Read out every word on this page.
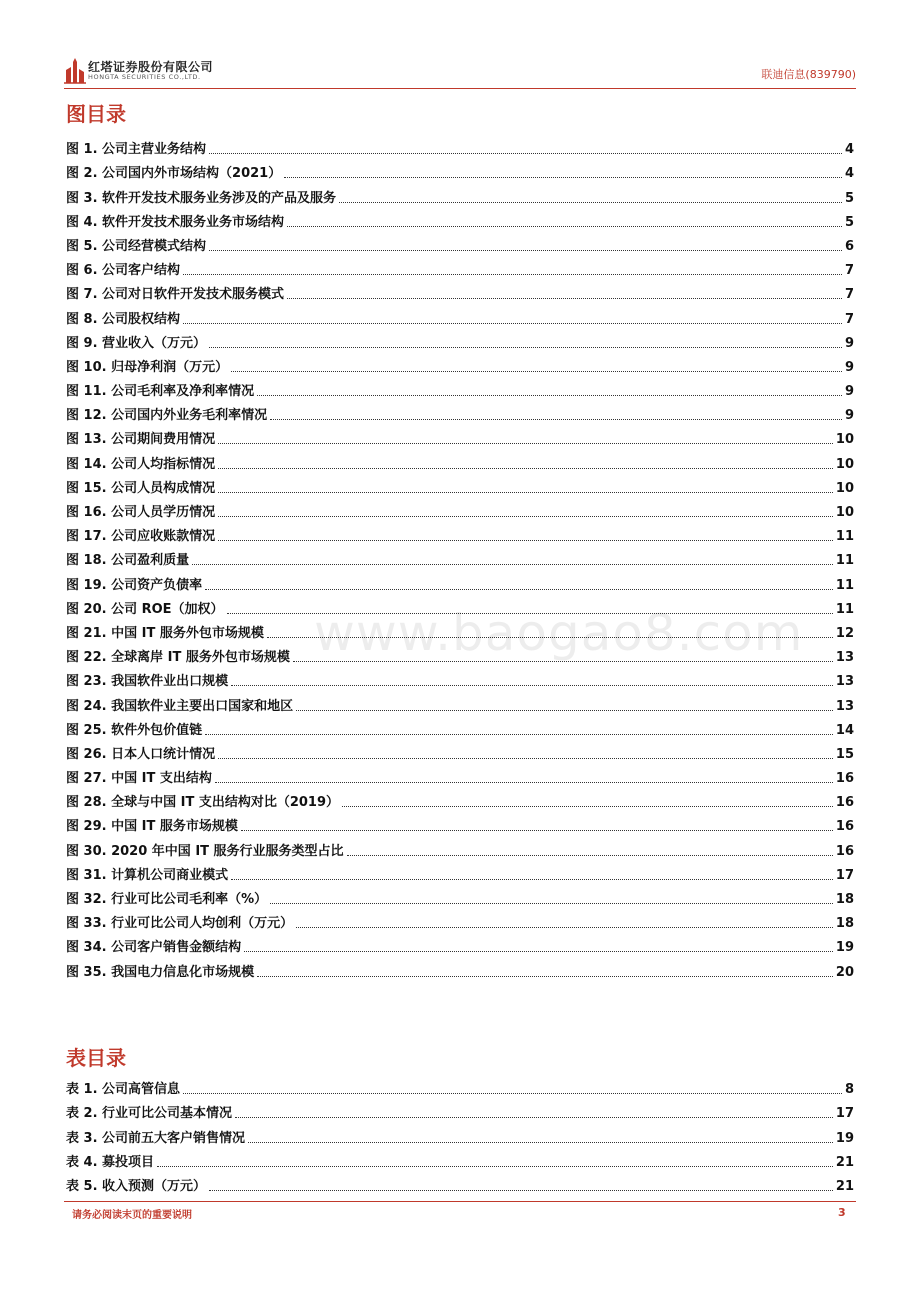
红塔证券股份有限公司
HONGTA SECURITIES CO.,LTD.	联迪信息(839790)
图目录
图 1. 公司主营业务结构	4
图 2. 公司国内外市场结构（2021）	4
图 3. 软件开发技术服务业务涉及的产品及服务	5
图 4. 软件开发技术服务业务市场结构	5
图 5. 公司经营模式结构	6
图 6. 公司客户结构	7
图 7. 公司对日软件开发技术服务模式	7
图 8. 公司股权结构	7
图 9. 营业收入（万元）	9
图 10. 归母净利润（万元）	9
图 11. 公司毛利率及净利率情况	9
图 12. 公司国内外业务毛利率情况	9
图 13. 公司期间费用情况	10
图 14. 公司人均指标情况	10
图 15. 公司人员构成情况	10
图 16. 公司人员学历情况	10
图 17. 公司应收账款情况	11
图 18. 公司盈利质量	11
图 19. 公司资产负债率	11
图 20. 公司 ROE（加权）	11
图 21. 中国 IT 服务外包市场规模	12
图 22. 全球离岸 IT 服务外包市场规模	13
图 23. 我国软件业出口规模	13
图 24. 我国软件业主要出口国家和地区	13
图 25. 软件外包价值链	14
图 26. 日本人口统计情况	15
图 27. 中国 IT 支出结构	16
图 28. 全球与中国 IT 支出结构对比（2019）	16
图 29. 中国 IT 服务市场规模	16
图 30. 2020 年中国 IT 服务行业服务类型占比	16
图 31. 计算机公司商业模式	17
图 32. 行业可比公司毛利率（%）	18
图 33. 行业可比公司人均创利（万元）	18
图 34. 公司客户销售金额结构	19
图 35. 我国电力信息化市场规模	20
www.baogao8.com
表目录
表 1. 公司高管信息	8
表 2. 行业可比公司基本情况	17
表 3. 公司前五大客户销售情况	19
表 4. 募投项目	21
表 5. 收入预测（万元）	21
请务必阅读末页的重要说明	3
